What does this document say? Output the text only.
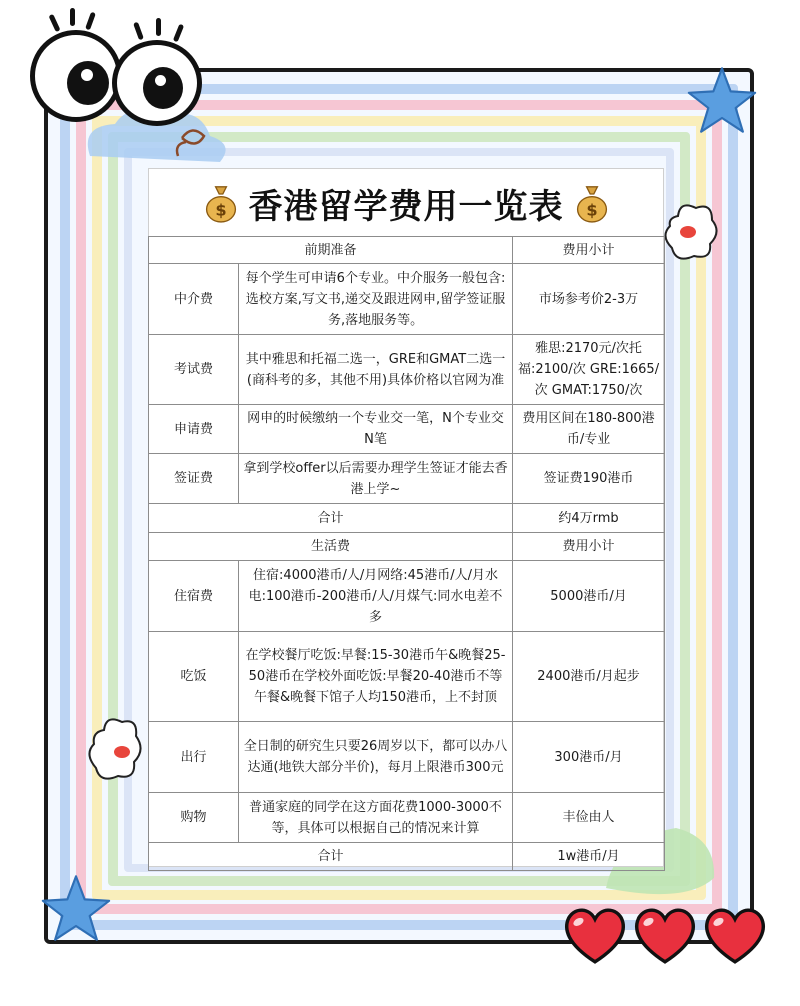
$ 香港留学费用一览表 $
前期准备		费用小计
中介费	每个学生可申请6个专业。中介服务一般包含:选校方案,写文书,递交及跟进网申,留学签证服务,落地服务等。	市场参考价2-3万
考试费	其中雅思和托福二选一，GRE和GMAT二选一(商科考的多，其他不用)具体价格以官网为准	雅思:2170元/次托福:2100/次 GRE:1665/次 GMAT:1750/次
申请费	网申的时候缴纳一个专业交一笔，N个专业交N笔	费用区间在180-800港币/专业
签证费	拿到学校offer以后需要办理学生签证才能去香港上学~	签证费190港币
合计		约4万rmb
生活费		费用小计
住宿费	住宿:4000港币/人/月网络:45港币/人/月水电:100港币-200港币/人/月煤气:同水电差不多	5000港币/月
吃饭	在学校餐厅吃饭:早餐:15-30港币午&晚餐25-50港币在学校外面吃饭:早餐20-40港币不等午餐&晚餐下馆子人均150港币，上不封顶	2400港币/月起步
出行	全日制的研究生只要26周岁以下，都可以办八达通(地铁大部分半价)，每月上限港币300元	300港币/月
购物	普通家庭的同学在这方面花费1000-3000不等，具体可以根据自己的情况来计算	丰俭由人
合计		1w港币/月
